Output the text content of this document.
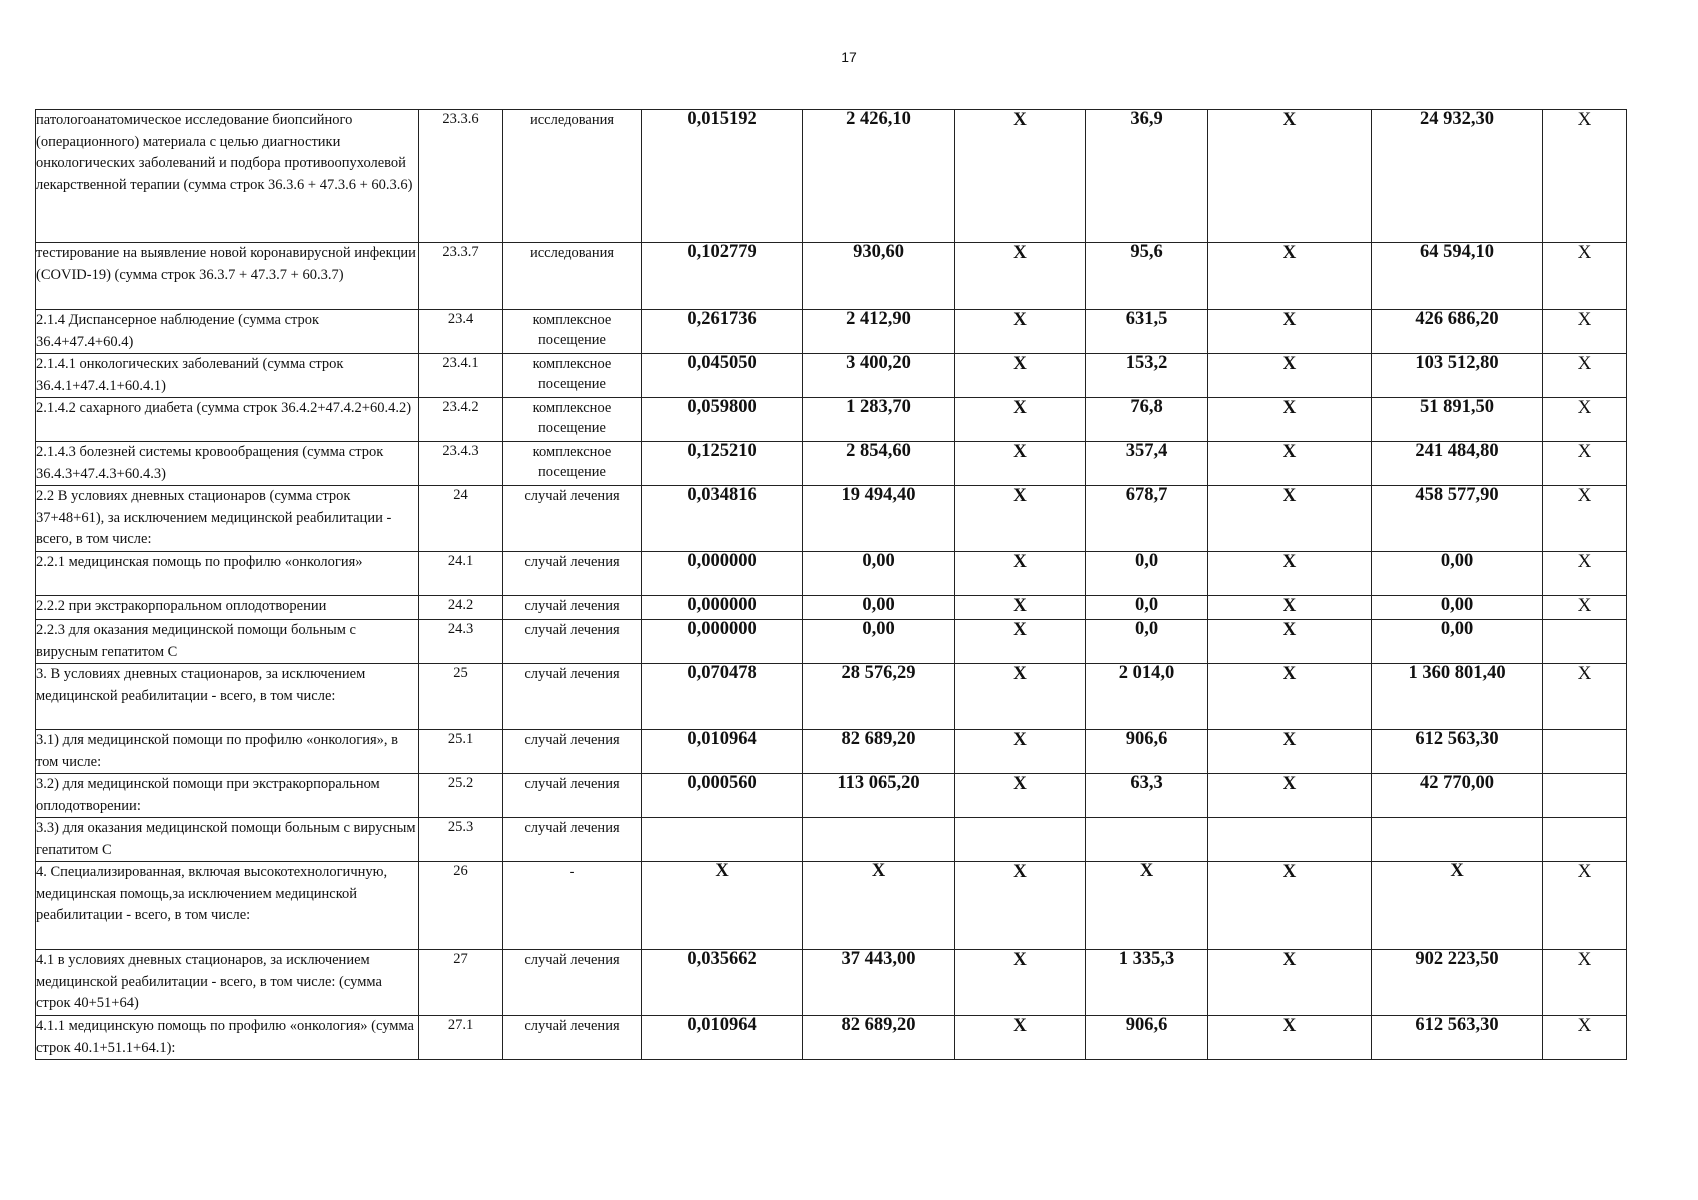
17
патологоанатомическое исследование биопсийного (операционного) материала с целью диагностики онкологических заболеваний и подбора противоопухолевой лекарственной терапии (сумма строк 36.3.6 + 47.3.6 + 60.3.6)	23.3.6	исследования	0,015192	2 426,10	X	36,9	X	24 932,30	X
тестирование на выявление новой коронавирусной инфекции (COVID-19) (сумма строк 36.3.7 + 47.3.7 + 60.3.7)	23.3.7	исследования	0,102779	930,60	X	95,6	X	64 594,10	X
2.1.4 Диспансерное наблюдение (сумма строк 36.4+47.4+60.4)	23.4	комплексное посещение	0,261736	2 412,90	X	631,5	X	426 686,20	X
2.1.4.1 онкологических заболеваний (сумма строк 36.4.1+47.4.1+60.4.1)	23.4.1	комплексное посещение	0,045050	3 400,20	X	153,2	X	103 512,80	X
2.1.4.2 сахарного диабета (сумма строк 36.4.2+47.4.2+60.4.2)	23.4.2	комплексное посещение	0,059800	1 283,70	X	76,8	X	51 891,50	X
2.1.4.3 болезней системы кровообращения (сумма строк 36.4.3+47.4.3+60.4.3)	23.4.3	комплексное посещение	0,125210	2 854,60	X	357,4	X	241 484,80	X
2.2 В условиях дневных стационаров (сумма строк 37+48+61), за исключением медицинской реабилитации - всего, в том числе:	24	случай лечения	0,034816	19 494,40	X	678,7	X	458 577,90	X
2.2.1 медицинская помощь по профилю «онкология»	24.1	случай лечения	0,000000	0,00	X	0,0	X	0,00	X
2.2.2 при экстракорпоральном оплодотворении	24.2	случай лечения	0,000000	0,00	X	0,0	X	0,00	X
2.2.3 для оказания медицинской помощи больным с вирусным гепатитом С	24.3	случай лечения	0,000000	0,00	X	0,0	X	0,00	
3. В условиях дневных стационаров, за исключением медицинской реабилитации - всего, в том числе:	25	случай лечения	0,070478	28 576,29	X	2 014,0	X	1 360 801,40	X
3.1) для медицинской помощи по профилю «онкология», в том числе:	25.1	случай лечения	0,010964	82 689,20	X	906,6	X	612 563,30	
3.2) для медицинской помощи при экстракорпоральном оплодотворении:	25.2	случай лечения	0,000560	113 065,20	X	63,3	X	42 770,00	
3.3) для оказания медицинской помощи больным с вирусным гепатитом С	25.3	случай лечения							
4. Специализированная, включая высокотехнологичную, медицинская помощь,за исключением медицинской реабилитации - всего, в том числе:	26	-	X	X	X	X	X	X	X
4.1 в условиях дневных стационаров, за исключением медицинской реабилитации - всего, в том числе: (сумма строк 40+51+64)	27	случай лечения	0,035662	37 443,00	X	1 335,3	X	902 223,50	X
4.1.1 медицинскую помощь по профилю «онкология» (сумма строк 40.1+51.1+64.1):	27.1	случай лечения	0,010964	82 689,20	X	906,6	X	612 563,30	X
